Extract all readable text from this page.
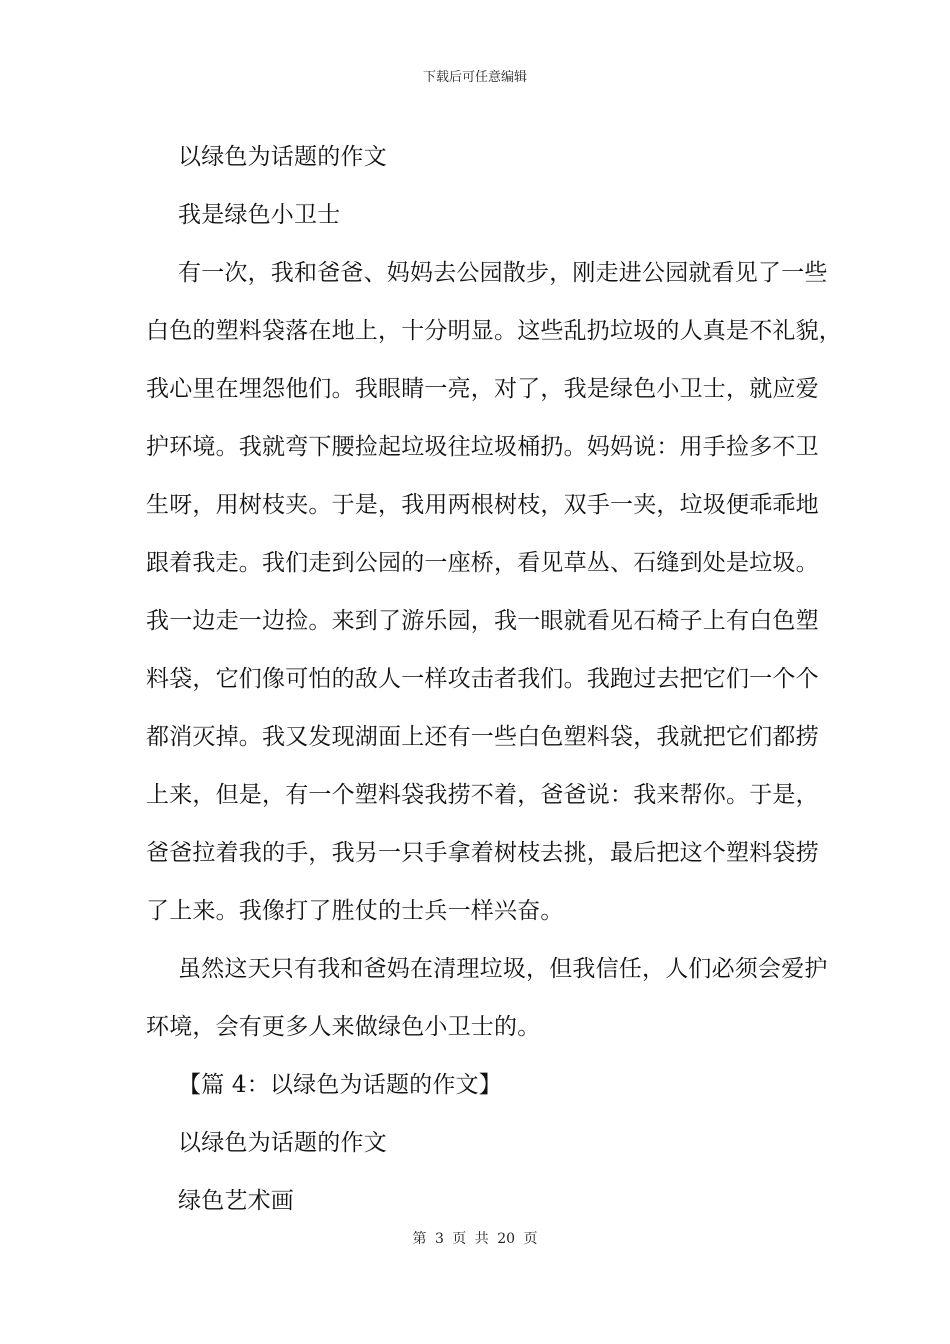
下载后可任意编辑
以绿色为话题的作文
我是绿色小卫士
有一次，我和爸爸、妈妈去公园散步，刚走进公园就看见了一些
白色的塑料袋落在地上，十分明显。这些乱扔垃圾的人真是不礼貌，
我心里在埋怨他们。我眼睛一亮，对了，我是绿色小卫士，就应爱
护环境。我就弯下腰捡起垃圾往垃圾桶扔。妈妈说：用手捡多不卫
生呀，用树枝夹。于是，我用两根树枝，双手一夹，垃圾便乖乖地
跟着我走。我们走到公园的一座桥，看见草丛、石缝到处是垃圾。
我一边走一边捡。来到了游乐园，我一眼就看见石椅子上有白色塑
料袋，它们像可怕的敌人一样攻击者我们。我跑过去把它们一个个
都消灭掉。我又发现湖面上还有一些白色塑料袋，我就把它们都捞
上来，但是，有一个塑料袋我捞不着，爸爸说：我来帮你。于是，
爸爸拉着我的手，我另一只手拿着树枝去挑，最后把这个塑料袋捞
了上来。我像打了胜仗的士兵一样兴奋。
虽然这天只有我和爸妈在清理垃圾，但我信任，人们必须会爱护
环境，会有更多人来做绿色小卫士的。
【篇 4：以绿色为话题的作文】
以绿色为话题的作文
绿色艺术画
第 3 页 共 20 页
